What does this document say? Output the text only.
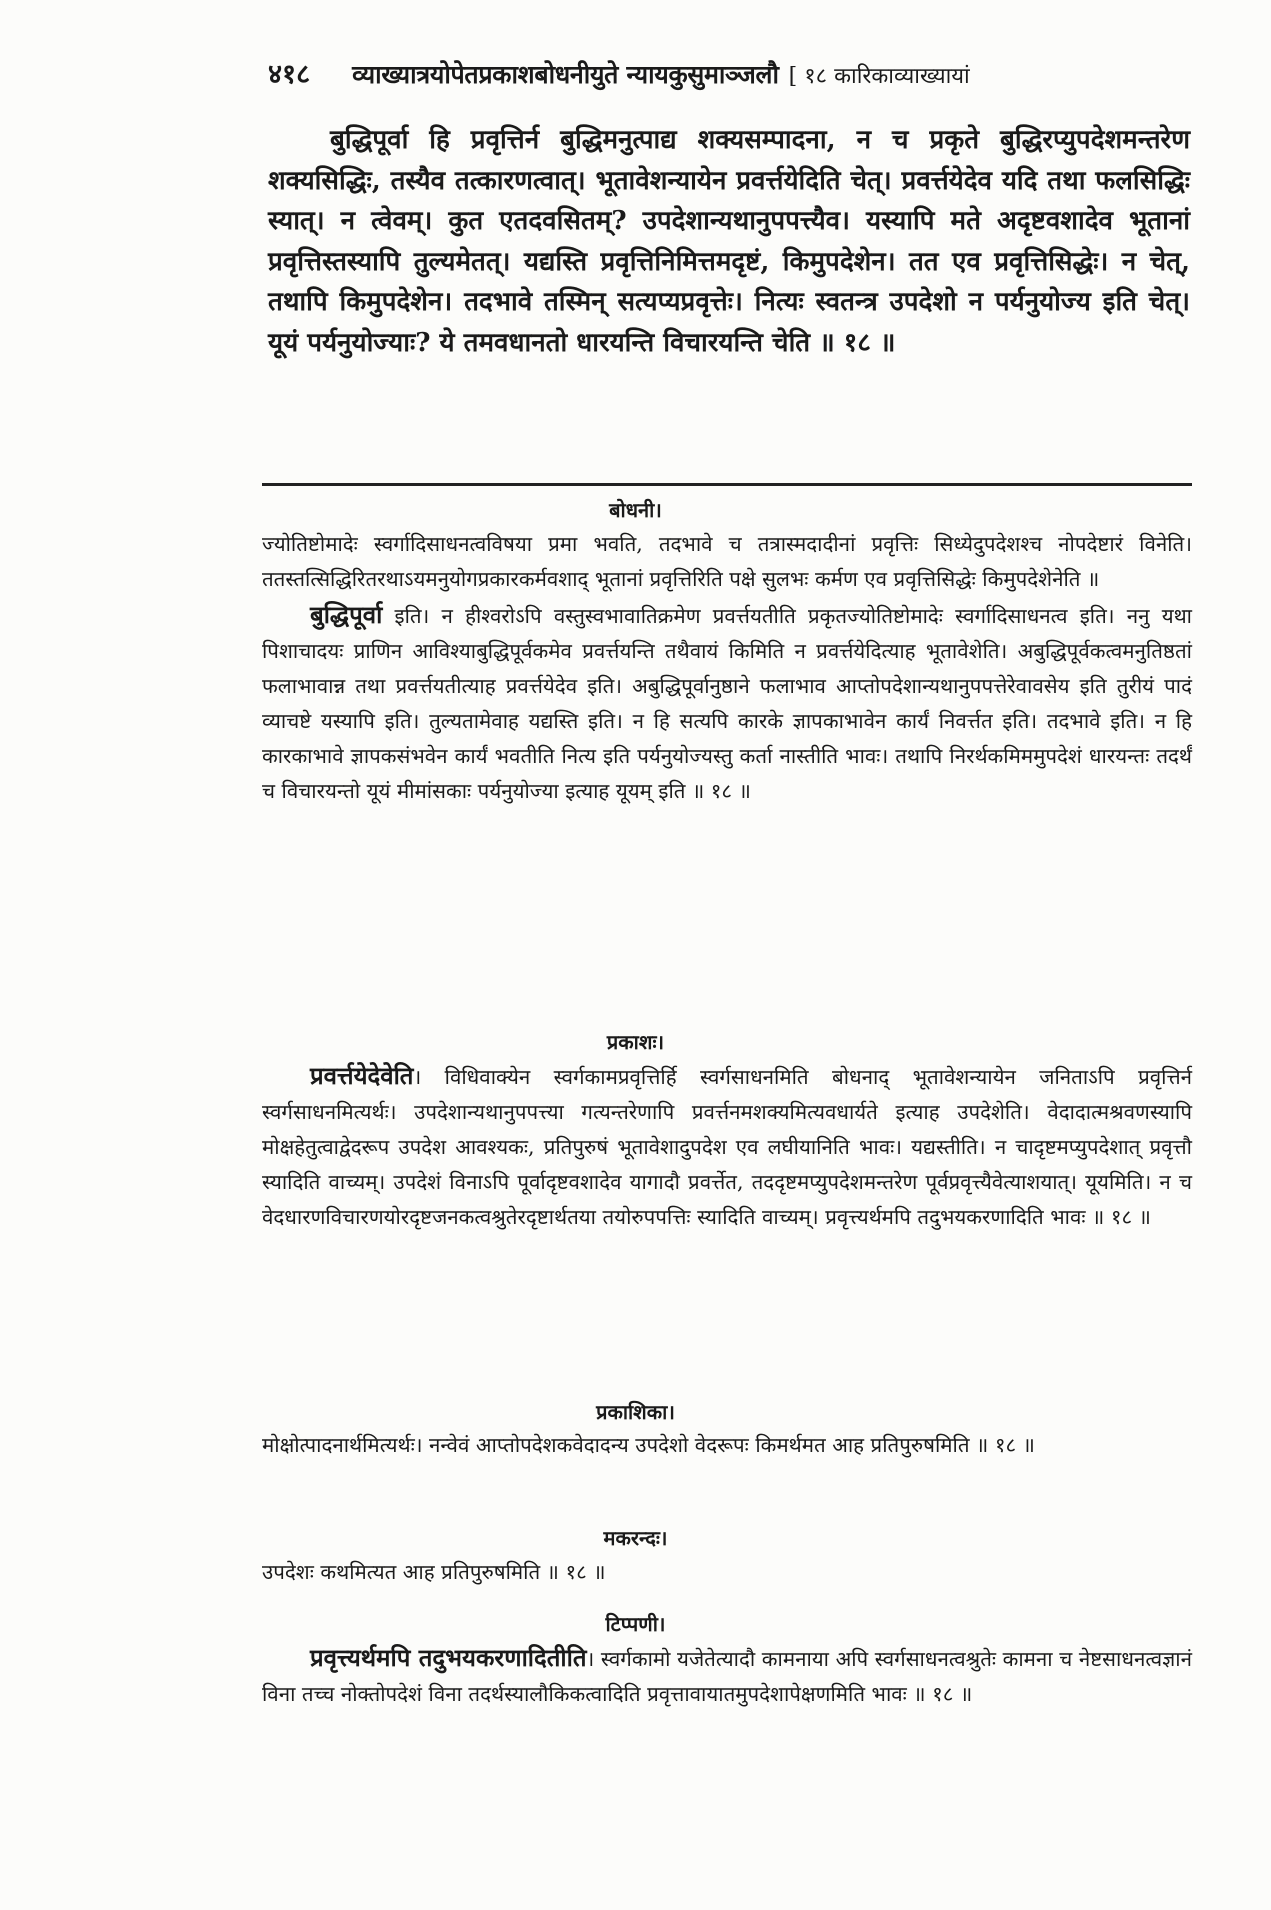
४१८ व्याख्यात्रयोपेतप्रकाशबोधनीयुते न्यायकुसुमाञ्जलौ [ १८ कारिकाव्याख्यायां
बुद्धिपूर्वा हि प्रवृत्तिर्न बुद्धिमनुत्पाद्य शक्यसम्पादना, न च प्रकृते बुद्धिरप्युपदेशमन्तरेण शक्यसिद्धिः, तस्यैव तत्कारणत्वात्। भूतावेशन्यायेन प्रवर्त्तयेदिति चेत्। प्रवर्त्तयेदेव यदि तथा फलसिद्धिः स्यात्। न त्वेवम्। कुत एतदवसितम्? उपदेशान्यथानुपपत्त्यैव। यस्यापि मते अदृष्टवशादेव भूतानां प्रवृत्तिस्तस्यापि तुल्यमेतत्। यद्यस्ति प्रवृत्तिनिमित्तमदृष्टं, किमुपदेशेन। तत एव प्रवृत्तिसिद्धेः। न चेत्, तथापि किमुपदेशेन। तदभावे तस्मिन् सत्यप्यप्रवृत्तेः। नित्यः स्वतन्त्र उपदेशो न पर्यनुयोज्य इति चेत्। यूयं पर्यनुयोज्याः? ये तमवधानतो धारयन्ति विचारयन्ति चेति ॥ १८ ॥
बोधनी।

ज्योतिष्टोमादेः स्वर्गादिसाधनत्वविषया प्रमा भवति, तदभावे च तत्रास्मदादीनां प्रवृत्तिः सिध्येदुपदेशश्च नोपदेष्टारं विनेति। ततस्तत्सिद्धिरितरथाऽयमनुयोगप्रकारकर्मवशाद् भूतानां प्रवृत्तिरिति पक्षे सुलभः कर्मण एव प्रवृत्तिसिद्धेः किमुपदेशेनेति ॥

बुद्धिपूर्वा इति। न हीश्वरोऽपि वस्तुस्वभावातिक्रमेण प्रवर्त्तयतीति प्रकृतज्योतिष्टोमादेः स्वर्गादिसाधनत्व इति। ननु यथा पिशाचादयः प्राणिन आविश्याबुद्धिपूर्वकमेव प्रवर्त्तयन्ति तथैवायं किमिति न प्रवर्त्तयेदित्याह भूतावेशेति। अबुद्धिपूर्वकत्वमनुतिष्ठतां फलाभावान्न तथा प्रवर्त्तयतीत्याह प्रवर्त्तयेदेव इति। अबुद्धिपूर्वानुष्ठाने फलाभाव आप्तोपदेशान्यथानुपपत्तेरेवावसेय इति तुरीयं पादं व्याचष्टे यस्यापि इति। तुल्यतामेवाह यद्यस्ति इति। न हि सत्यपि कारके ज्ञापकाभावेन कार्यं निवर्त्तत इति। तदभावे इति। न हि कारकाभावे ज्ञापकसंभवेन कार्यं भवतीति नित्य इति पर्यनुयोज्यस्तु कर्ता नास्तीति भावः। तथापि निरर्थकमिममुपदेशं धारयन्तः तदर्थं च विचारयन्तो यूयं मीमांसकाः पर्यनुयोज्या इत्याह यूयम् इति ॥ १८ ॥

प्रकाशः।

प्रवर्त्तयेदेवेति। विधिवाक्येन स्वर्गकामप्रवृत्तिर्हि स्वर्गसाधनमिति बोधनाद् भूतावेशन्यायेन जनिताऽपि प्रवृत्तिर्न स्वर्गसाधनमित्यर्थः। उपदेशान्यथानुपपत्त्या गत्यन्तरेणापि प्रवर्त्तनमशक्यमित्यवधार्यते इत्याह उपदेशेति। वेदादात्मश्रवणस्यापि मोक्षहेतुत्वाद्वेदरूप उपदेश आवश्यकः, प्रतिपुरुषं भूतावेशादुपदेश एव लघीयानिति भावः। यद्यस्तीति। न चादृष्टमप्युपदेशात् प्रवृत्तौ स्यादिति वाच्यम्। उपदेशं विनाऽपि पूर्वादृष्टवशादेव यागादौ प्रवर्त्तेत, तददृष्टमप्युपदेशमन्तरेण पूर्वप्रवृत्त्यैवेत्याशयात्। यूयमिति। न च वेदधारणविचारणयोरदृष्टजनकत्वश्रुतेरदृष्टार्थतया तयोरुपपत्तिः स्यादिति वाच्यम्। प्रवृत्त्यर्थमपि तदुभयकरणादिति भावः ॥ १८ ॥

प्रकाशिका।

मोक्षोत्पादनार्थमित्यर्थः। नन्वेवं आप्तोपदेशकवेदादन्य उपदेशो वेदरूपः किमर्थमत आह प्रतिपुरुषमिति ॥ १८ ॥

मकरन्दः।

उपदेशः कथमित्यत आह प्रतिपुरुषमिति ॥ १८ ॥

टिप्पणी।

प्रवृत्त्यर्थमपि तदुभयकरणादितीति। स्वर्गकामो यजेतेत्यादौ कामनाया अपि स्वर्गसाधनत्वश्रुतेः कामना च नेष्टसाधनत्वज्ञानं विना तच्च नोक्तोपदेशं विना तदर्थस्यालौकिकत्वादिति प्रवृत्तावायातमुपदेशापेक्षणमिति भावः ॥ १८ ॥
